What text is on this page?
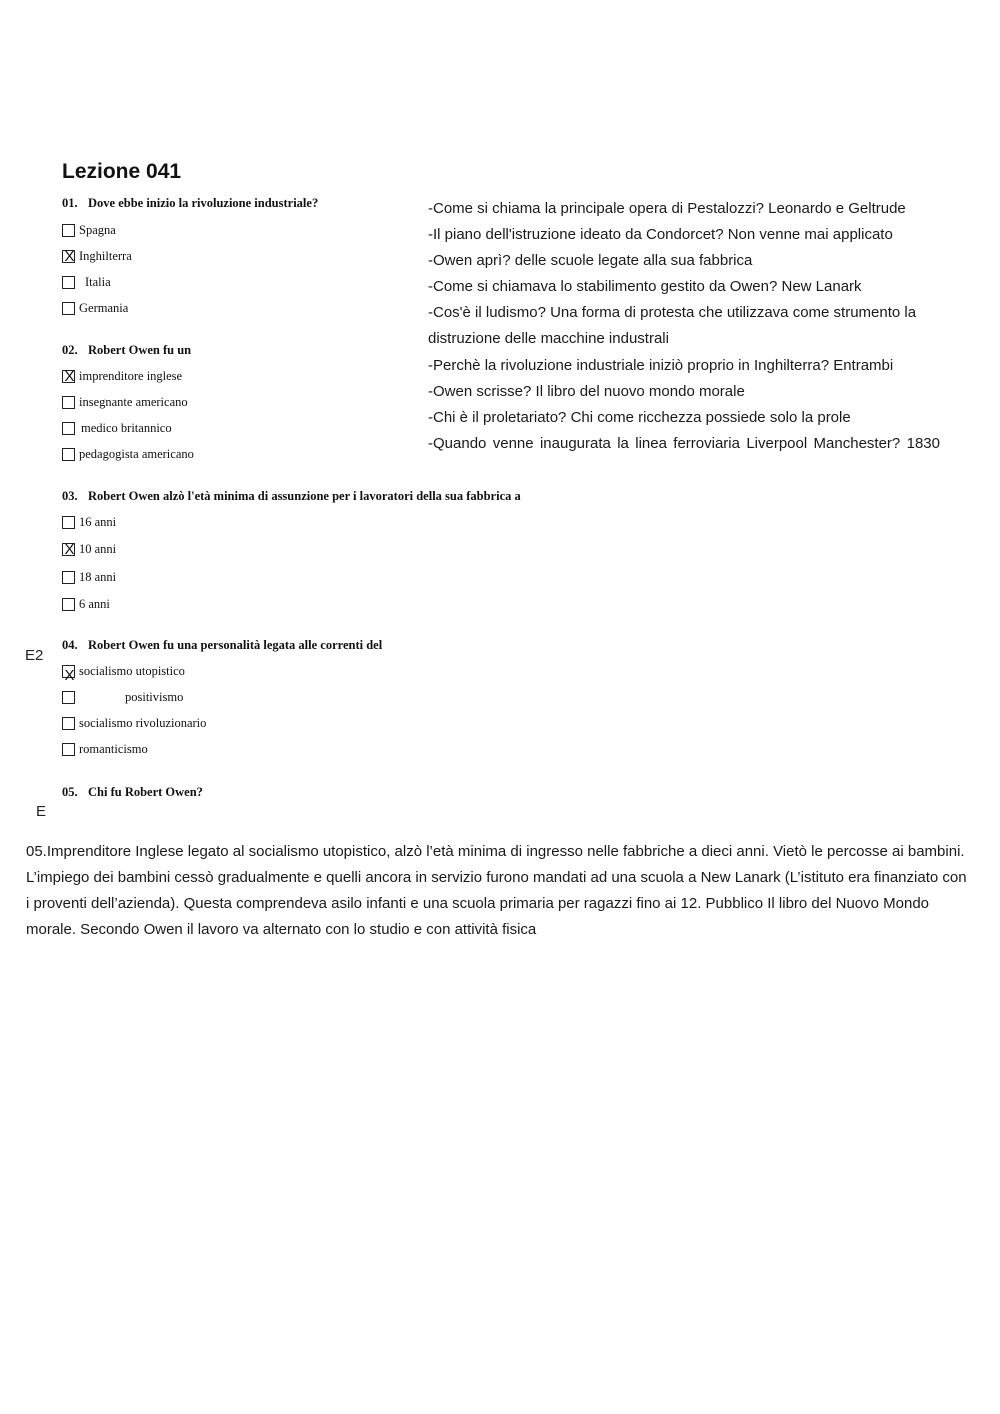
Lezione 041
01. Dove ebbe inizio la rivoluzione industriale?
Spagna
X
Inghilterra
Italia
Germania
02. Robert Owen fu un
X
imprenditore inglese
insegnante americano
medico britannico
pedagogista americano

-Come si chiama la principale opera di Pestalozzi? Leonardo e Geltrude

-Il piano dell'istruzione ideato da Condorcet? Non venne mai applicato

-Owen aprì? delle scuole legate alla sua fabbrica

-Come si chiamava lo stabilimento gestito da Owen? New Lanark

-Cos'è il ludismo? Una forma di protesta che utilizzava come strumento la distruzione delle macchine industrali

-Perchè la rivoluzione industriale iniziò proprio in Inghilterra? Entrambi

-Owen scrisse? Il libro del nuovo mondo morale

-Chi è il proletariato? Chi come ricchezza possiede solo la prole

-Quando venne inaugurata la linea ferroviaria Liverpool Manchester? 1830

03. Robert Owen alzò l'età minima di assunzione per i lavoratori della sua fabbrica a
16 anni
X
10 anni
18 anni
6 anni
E2
04. Robert Owen fu una personalità legata alle correnti del
X
socialismo utopistico
positivismo
socialismo rivoluzionario
romanticismo
05. Chi fu Robert Owen?
E

05.Imprenditore Inglese legato al socialismo utopistico, alzò l’età minima di ingresso nelle fabbriche a dieci anni. Vietò le percosse ai bambini. L’impiego dei bambini cessò gradualmente e quelli ancora in servizio furono mandati ad una scuola a New Lanark (L’istituto era finanziato con i proventi dell’azienda). Questa comprendeva asilo infanti e una scuola primaria per ragazzi fino ai 12. Pubblico Il libro del Nuovo Mondo morale. Secondo Owen il lavoro va alternato con lo studio e con attività fisica
